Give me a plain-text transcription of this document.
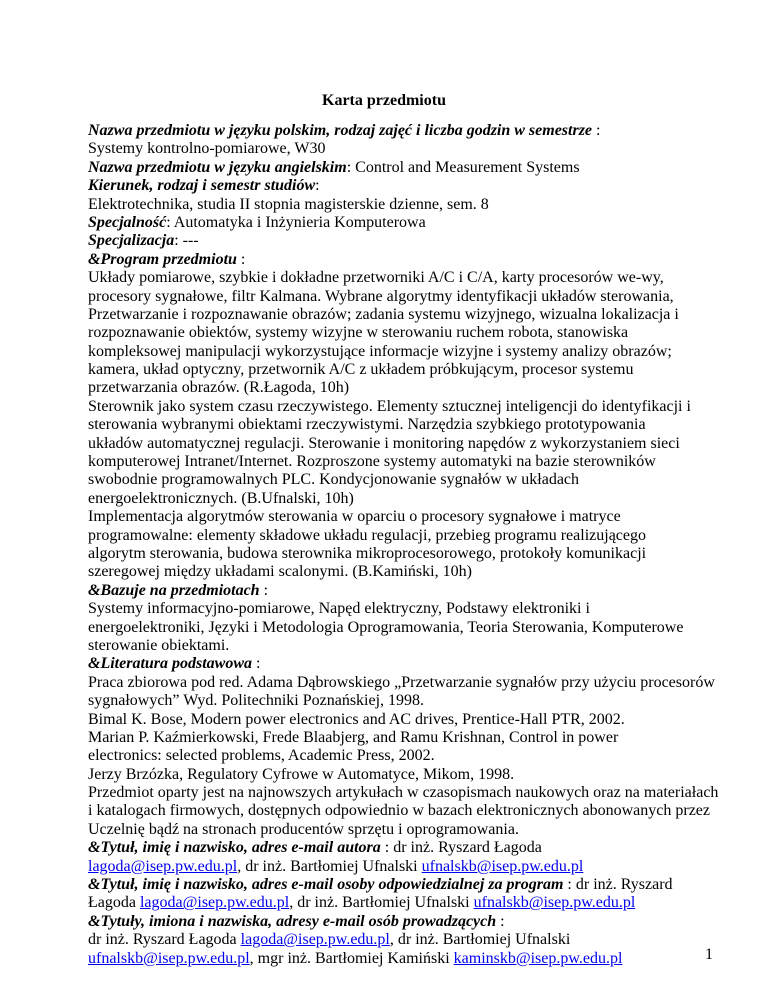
Karta przedmiotu

Nazwa przedmiotu w języku polskim, rodzaj zajęć i liczba godzin w semestrze :
Systemy kontrolno-pomiarowe, W30
Nazwa przedmiotu w języku angielskim: Control and Measurement Systems
Kierunek, rodzaj i semestr studiów:
Elektrotechnika, studia II stopnia magisterskie dzienne, sem. 8
Specjalność: Automatyka i Inżynieria Komputerowa
Specjalizacja: ---
&Program przedmiotu :
Układy pomiarowe, szybkie i dokładne przetworniki A/C i C/A, karty procesorów we-wy,
procesory sygnałowe, filtr Kalmana. Wybrane algorytmy identyfikacji układów sterowania,
Przetwarzanie i rozpoznawanie obrazów; zadania systemu wizyjnego, wizualna lokalizacja i
rozpoznawanie obiektów, systemy wizyjne w sterowaniu ruchem robota, stanowiska
kompleksowej manipulacji wykorzystujące informacje wizyjne i systemy analizy obrazów;
kamera, układ optyczny, przetwornik A/C z układem próbkującym, procesor systemu
przetwarzania obrazów. (R.Łagoda, 10h)
Sterownik jako system czasu rzeczywistego. Elementy sztucznej inteligencji do identyfikacji i
sterowania wybranymi obiektami rzeczywistymi. Narzędzia szybkiego prototypowania
układów automatycznej regulacji. Sterowanie i monitoring napędów z wykorzystaniem sieci
komputerowej Intranet/Internet. Rozproszone systemy automatyki na bazie sterowników
swobodnie programowalnych PLC. Kondycjonowanie sygnałów w układach
energoelektronicznych. (B.Ufnalski, 10h)
Implementacja algorytmów sterowania w oparciu o procesory sygnałowe i matryce
programowalne: elementy składowe układu regulacji, przebieg programu realizującego
algorytm sterowania, budowa sterownika mikroprocesorowego, protokoły komunikacji
szeregowej między układami scalonymi. (B.Kamiński, 10h)
&Bazuje na przedmiotach :
Systemy informacyjno-pomiarowe, Napęd elektryczny, Podstawy elektroniki i
energoelektroniki, Języki i Metodologia Oprogramowania, Teoria Sterowania, Komputerowe
sterowanie obiektami.
&Literatura podstawowa :
Praca zbiorowa pod red. Adama Dąbrowskiego „Przetwarzanie sygnałów przy użyciu procesorów
sygnałowych” Wyd. Politechniki Poznańskiej, 1998.
Bimal K. Bose, Modern power electronics and AC drives, Prentice-Hall PTR, 2002.
Marian P. Kaźmierkowski, Frede Blaabjerg, and Ramu Krishnan, Control in power
electronics: selected problems, Academic Press, 2002.
Jerzy Brzózka, Regulatory Cyfrowe w Automatyce, Mikom, 1998.
Przedmiot oparty jest na najnowszych artykułach w czasopismach naukowych oraz na materiałach
i katalogach firmowych, dostępnych odpowiednio w bazach elektronicznych abonowanych przez
Uczelnię bądź na stronach producentów sprzętu i oprogramowania.
&Tytuł, imię i nazwisko, adres e-mail autora : dr inż. Ryszard Łagoda
lagoda@isep.pw.edu.pl, dr inż. Bartłomiej Ufnalski ufnalskb@isep.pw.edu.pl
&Tytuł, imię i nazwisko, adres e-mail osoby odpowiedzialnej za program : dr inż. Ryszard
Łagoda lagoda@isep.pw.edu.pl, dr inż. Bartłomiej Ufnalski ufnalskb@isep.pw.edu.pl
&Tytuły, imiona i nazwiska, adresy e-mail osób prowadzących :
dr inż. Ryszard Łagoda lagoda@isep.pw.edu.pl, dr inż. Bartłomiej Ufnalski
ufnalskb@isep.pw.edu.pl, mgr inż. Bartłomiej Kamiński kaminskb@isep.pw.edu.pl	1
